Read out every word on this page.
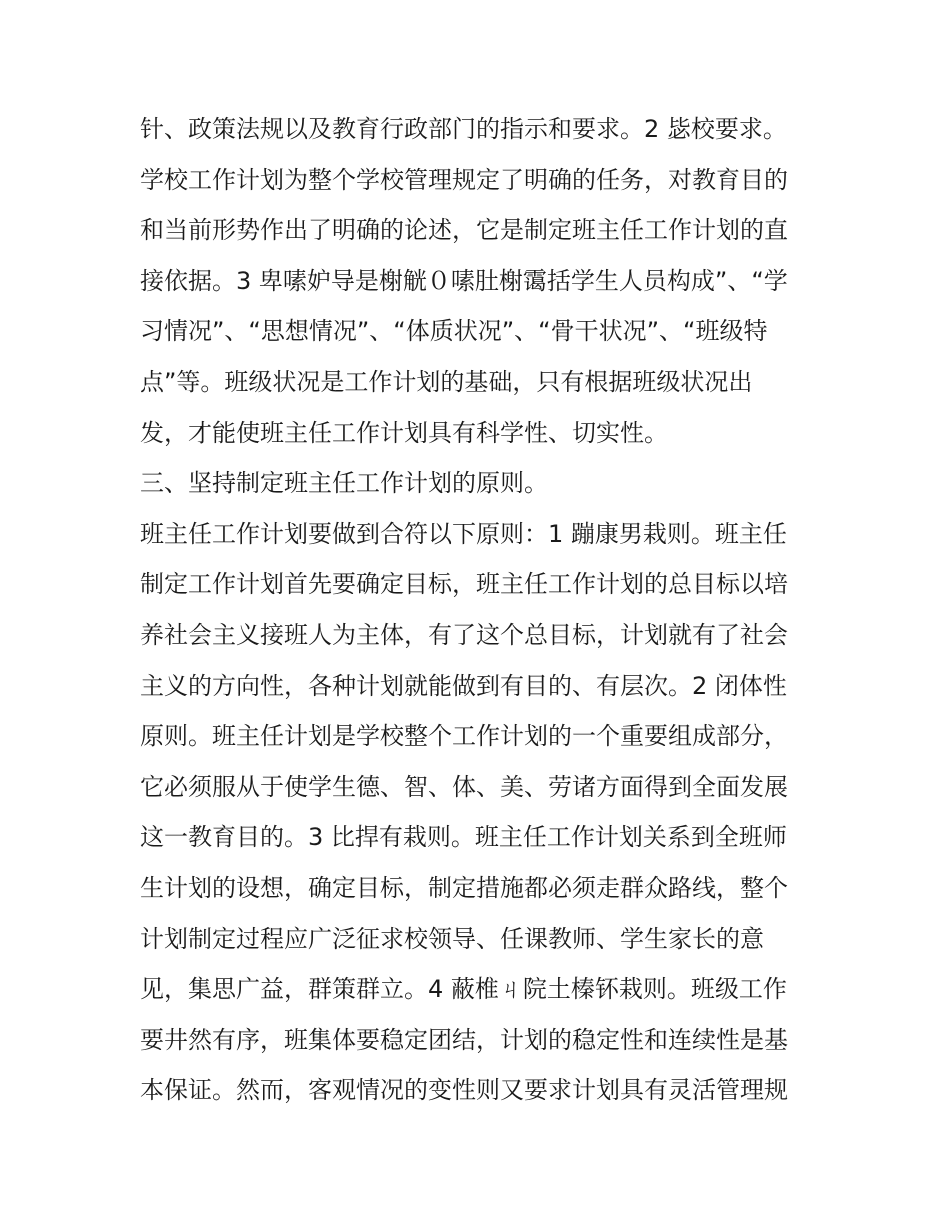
针、政策法规以及教育行政部门的指示和要求。2 毖校要求。
学校工作计划为整个学校管理规定了明确的任务，对教育目的
和当前形势作出了明确的论述，它是制定班主任工作计划的直
接依据。3 卑嗉妒导是榭觥０嗉肚榭霭括学生人员构成”、“学
习情况”、“思想情况”、“体质状况”、“骨干状况”、“班级特
点”等。班级状况是工作计划的基础，只有根据班级状况出
发，才能使班主任工作计划具有科学性、切实性。
三、坚持制定班主任工作计划的原则。
班主任工作计划要做到合符以下原则：1 蹦康男栽则。班主任
制定工作计划首先要确定目标，班主任工作计划的总目标以培
养社会主义接班人为主体，有了这个总目标，计划就有了社会
主义的方向性，各种计划就能做到有目的、有层次。2 闭体性
原则。班主任计划是学校整个工作计划的一个重要组成部分，
它必须服从于使学生德、智、体、美、劳诸方面得到全面发展
这一教育目的。3 比捍有栽则。班主任工作计划关系到全班师
生计划的设想，确定目标，制定措施都必须走群众路线，整个
计划制定过程应广泛征求校领导、任课教师、学生家长的意
见，集思广益，群策群立。4 蔽椎ㄐ院土榛钚栽则。班级工作
要井然有序，班集体要稳定团结，计划的稳定性和连续性是基
本保证。然而，客观情况的变性则又要求计划具有灵活管理规
